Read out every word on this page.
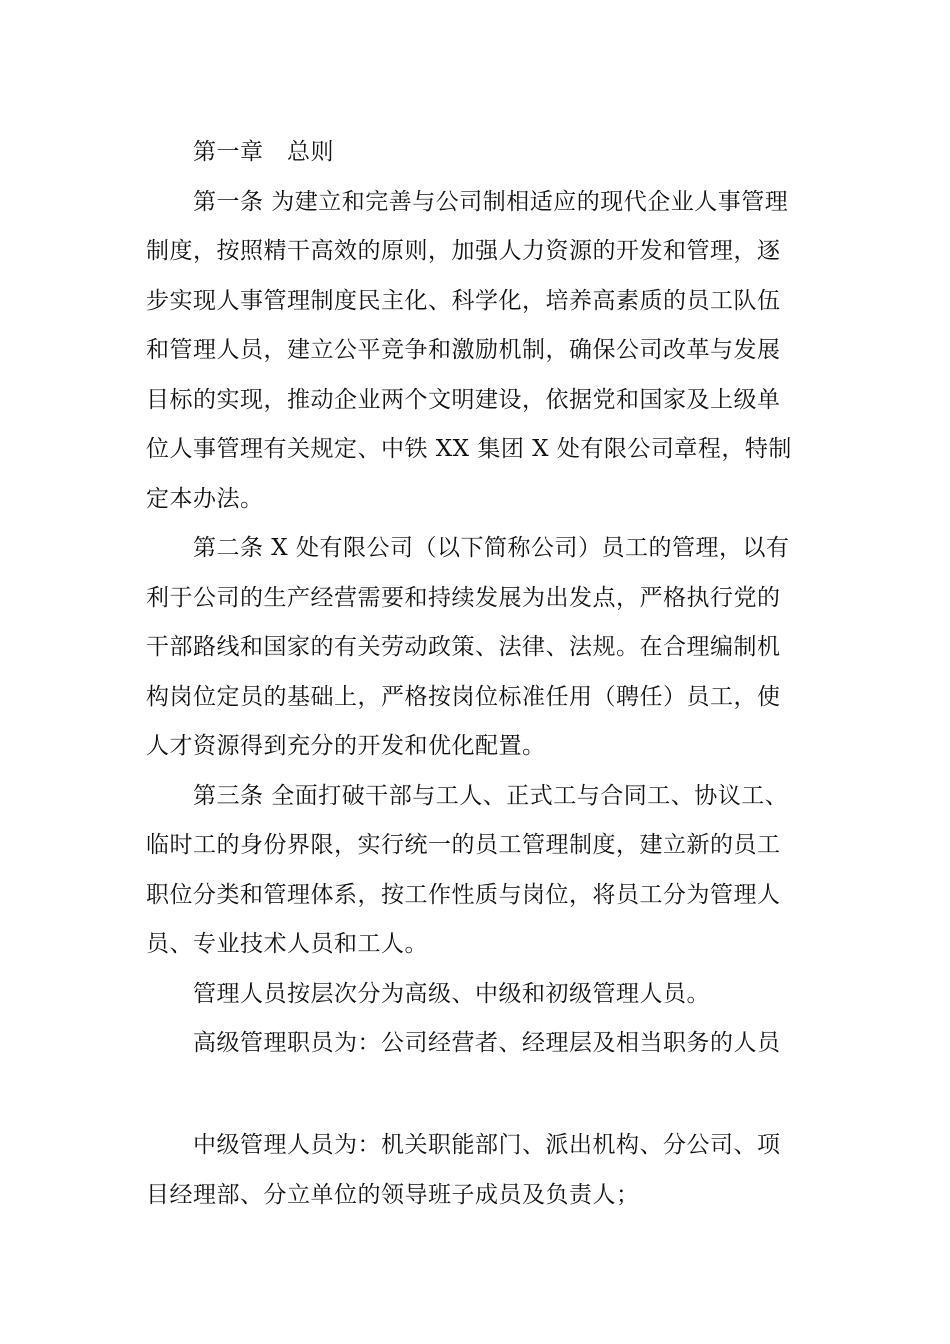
第一章　总则
第一条 为建立和完善与公司制相适应的现代企业人事管理
制度，按照精干高效的原则，加强人力资源的开发和管理，逐
步实现人事管理制度民主化、科学化，培养高素质的员工队伍
和管理人员，建立公平竞争和激励机制，确保公司改革与发展
目标的实现，推动企业两个文明建设，依据党和国家及上级单
位人事管理有关规定、中铁 XX 集团 X 处有限公司章程，特制
定本办法。
第二条 X 处有限公司（以下简称公司）员工的管理，以有
利于公司的生产经营需要和持续发展为出发点，严格执行党的
干部路线和国家的有关劳动政策、法律、法规。在合理编制机
构岗位定员的基础上，严格按岗位标准任用（聘任）员工，使
人才资源得到充分的开发和优化配置。
第三条 全面打破干部与工人、正式工与合同工、协议工、
临时工的身份界限，实行统一的员工管理制度，建立新的员工
职位分类和管理体系，按工作性质与岗位，将员工分为管理人
员、专业技术人员和工人。
管理人员按层次分为高级、中级和初级管理人员。
高级管理职员为：公司经营者、经理层及相当职务的人员
中级管理人员为：机关职能部门、派出机构、分公司、项
目经理部、分立单位的领导班子成员及负责人；
